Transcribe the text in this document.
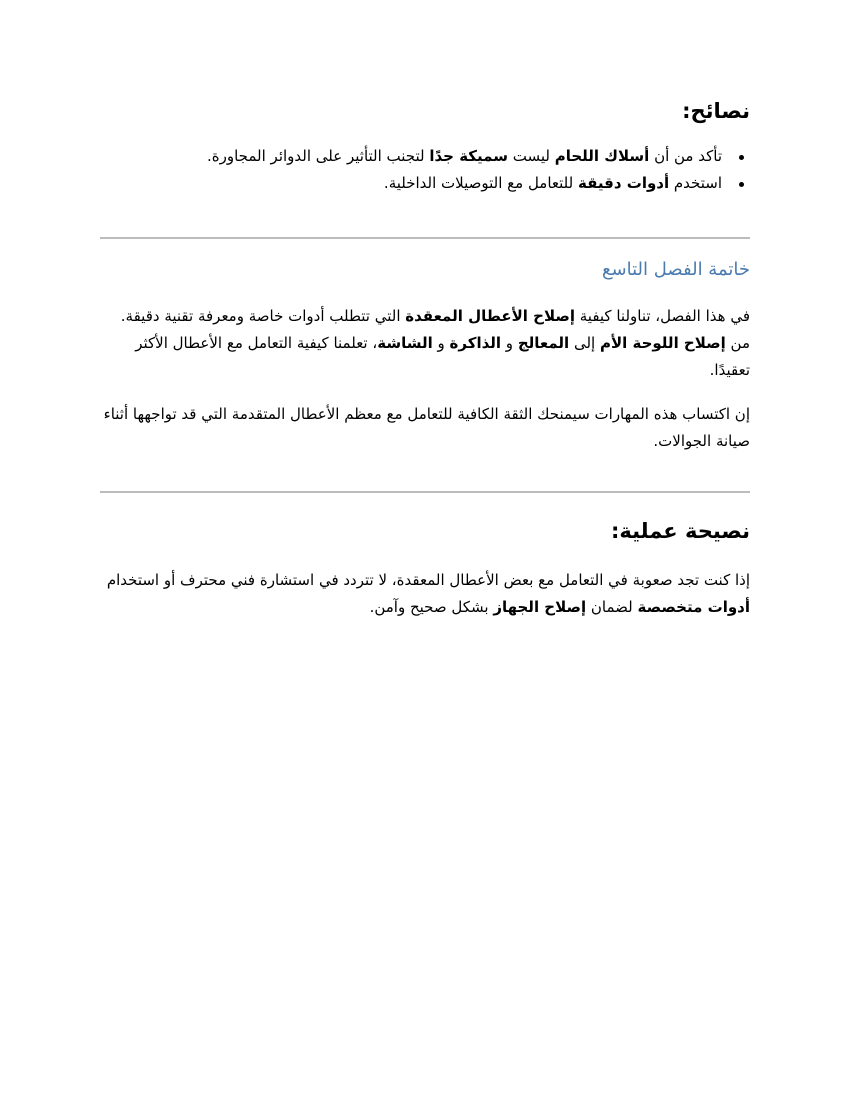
نصائح:
تأكد من أن أسلاك اللحام ليست سميكة جدًا لتجنب التأثير على الدوائر المجاورة.
استخدم أدوات دقيقة للتعامل مع التوصيلات الداخلية.
خاتمة الفصل التاسع

في هذا الفصل، تناولنا كيفية إصلاح الأعطال المعقدة التي تتطلب أدوات خاصة ومعرفة تقنية دقيقة. من إصلاح اللوحة الأم إلى المعالج و الذاكرة و الشاشة، تعلمنا كيفية التعامل مع الأعطال الأكثر تعقيدًا.

إن اكتساب هذه المهارات سيمنحك الثقة الكافية للتعامل مع معظم الأعطال المتقدمة التي قد تواجهها أثناء صيانة الجوالات.

نصيحة عملية:

إذا كنت تجد صعوبة في التعامل مع بعض الأعطال المعقدة، لا تتردد في استشارة فني محترف أو استخدام أدوات متخصصة لضمان إصلاح الجهاز بشكل صحيح وآمن.
